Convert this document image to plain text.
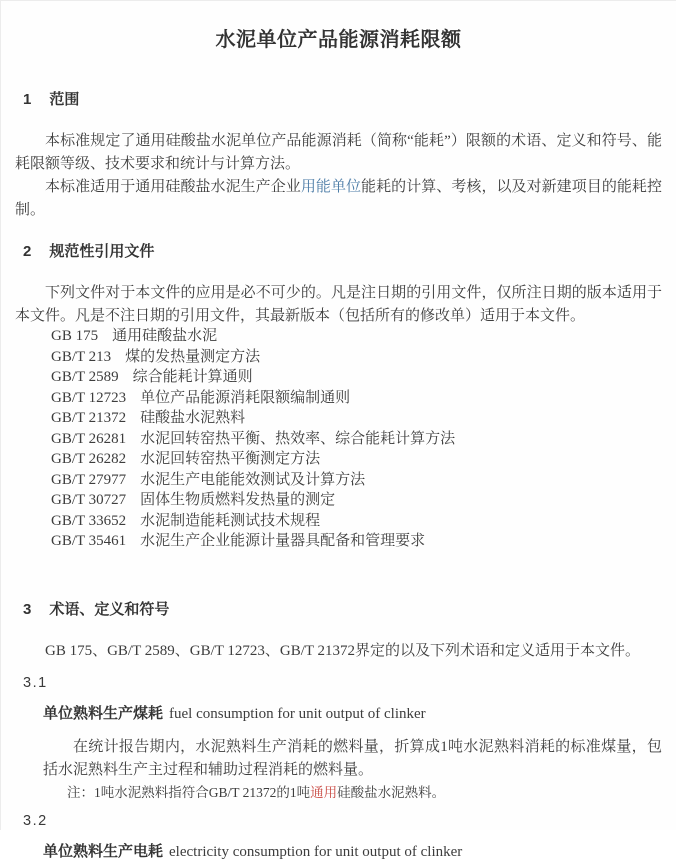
水泥单位产品能源消耗限额
1 范围

本标准规定了通用硅酸盐水泥单位产品能源消耗（简称“能耗”）限额的术语、定义和符号、能耗限额等级、技术要求和统计与计算方法。

本标准适用于通用硅酸盐水泥生产企业用能单位能耗的计算、考核，以及对新建项目的能耗控制。

2 规范性引用文件

下列文件对于本文件的应用是必不可少的。凡是注日期的引用文件，仅所注日期的版本适用于本文件。凡是不注日期的引用文件，其最新版本（包括所有的修改单）适用于本文件。

GB 175 通用硅酸盐水泥
GB/T 213 煤的发热量测定方法
GB/T 2589 综合能耗计算通则
GB/T 12723 单位产品能源消耗限额编制通则
GB/T 21372 硅酸盐水泥熟料
GB/T 26281 水泥回转窑热平衡、热效率、综合能耗计算方法
GB/T 26282 水泥回转窑热平衡测定方法
GB/T 27977 水泥生产电能能效测试及计算方法
GB/T 30727 固体生物质燃料发热量的测定
GB/T 33652 水泥制造能耗测试技术规程
GB/T 35461 水泥生产企业能源计量器具配备和管理要求
3 术语、定义和符号

GB 175、GB/T 2589、GB/T 12723、GB/T 21372界定的以及下列术语和定义适用于本文件。

3.1
单位熟料生产煤耗 fuel consumption for unit output of clinker

在统计报告期内，水泥熟料生产消耗的燃料量，折算成1吨水泥熟料消耗的标准煤量，包括水泥熟料生产主过程和辅助过程消耗的燃料量。

注：1吨水泥熟料指符合GB/T 21372的1吨通用硅酸盐水泥熟料。
3.2
单位熟料生产电耗 electricity consumption for unit output of clinker
